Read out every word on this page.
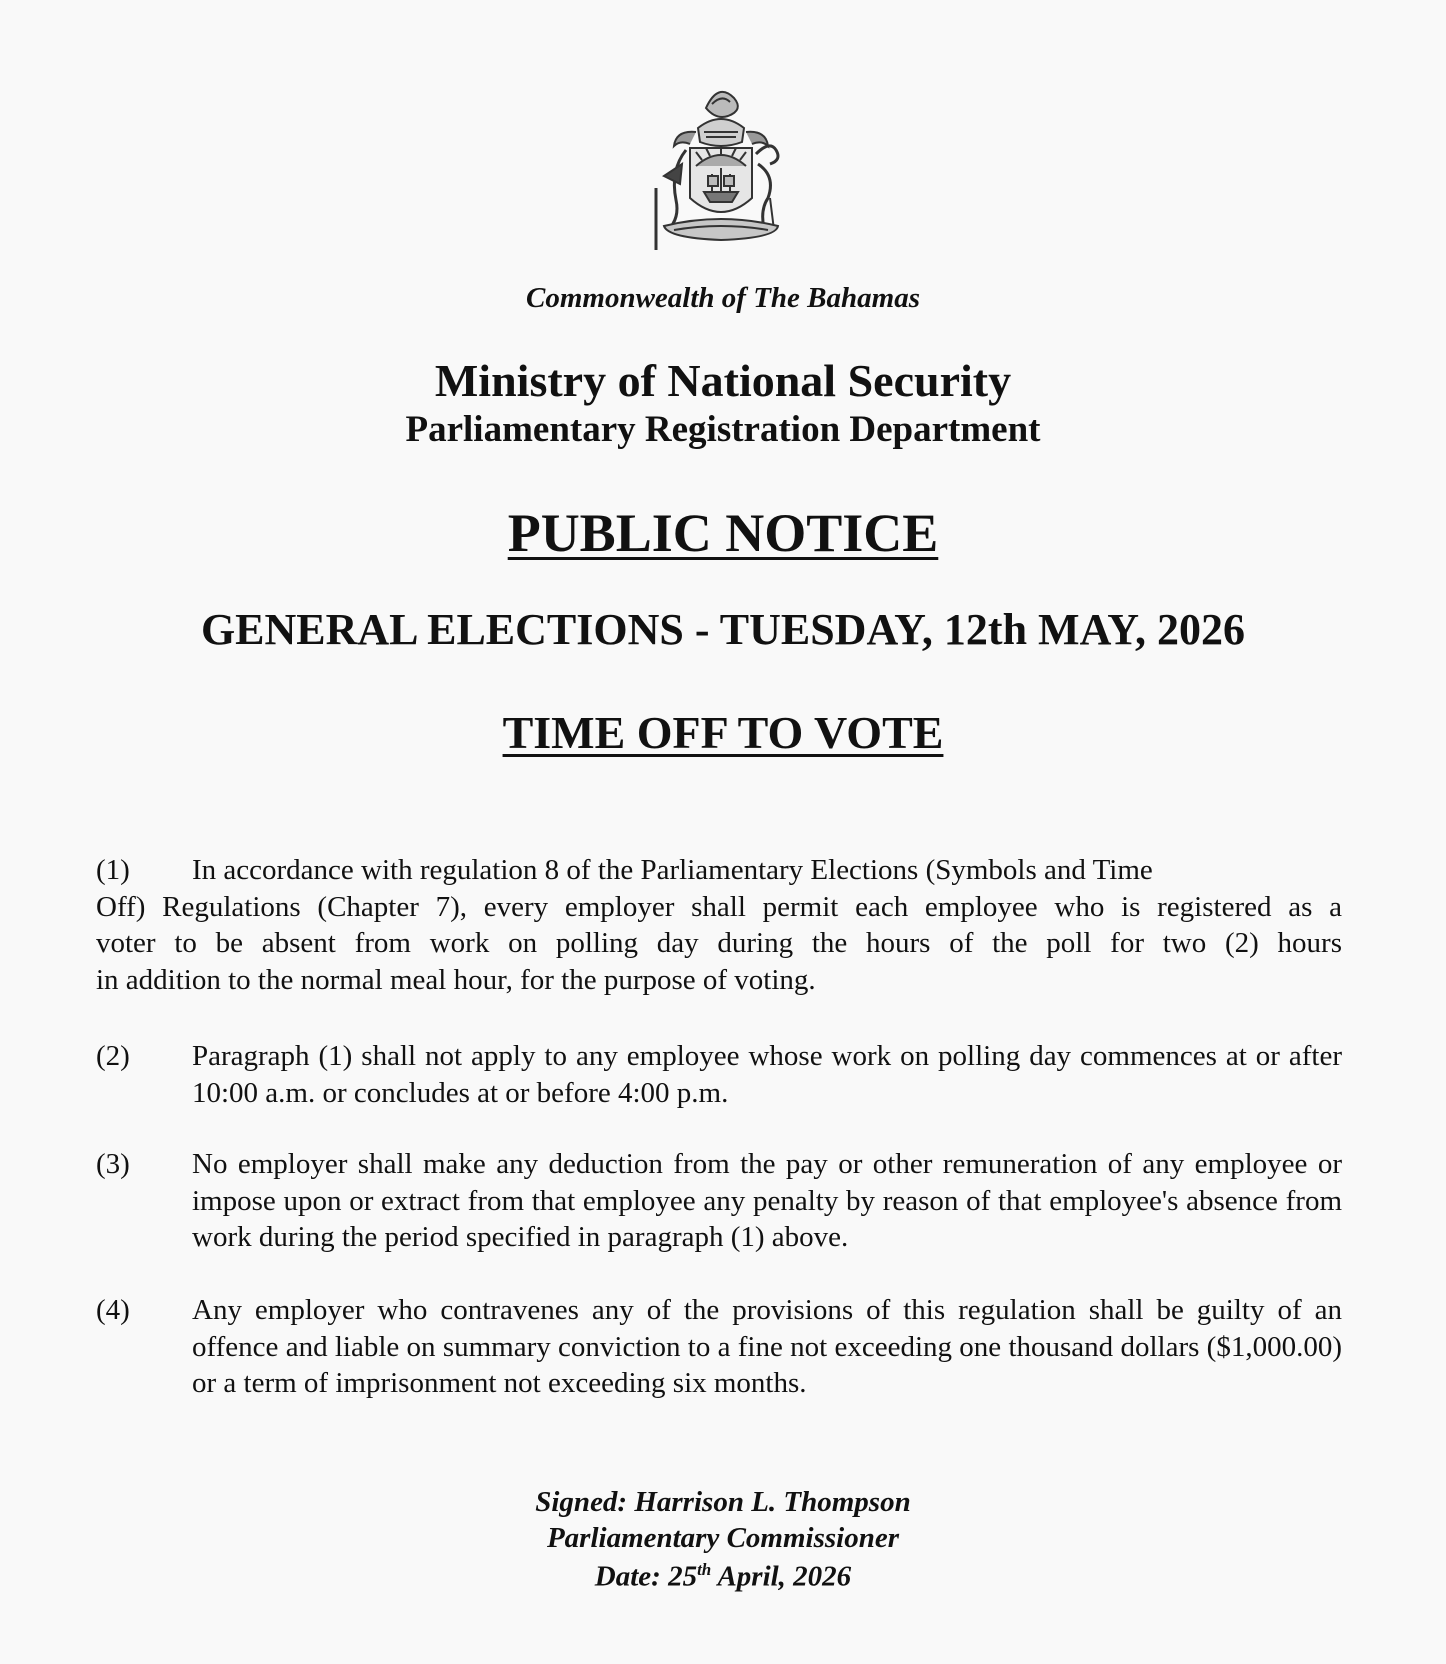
Commonwealth of The Bahamas
Ministry of National Security
Parliamentary Registration Department
PUBLIC NOTICE
GENERAL ELECTIONS - TUESDAY, 12th MAY, 2026
TIME OFF TO VOTE
(1) In accordance with regulation 8 of the Parliamentary Elections (Symbols and Time
Off) Regulations (Chapter 7), every employer shall permit each employee who is registered as a
voter to be absent from work on polling day during the hours of the poll for two (2) hours
in addition to the normal meal hour, for the purpose of voting.
(2) Paragraph (1) shall not apply to any employee whose work on polling day commences at or after 10:00 a.m. or concludes at or before 4:00 p.m.
(3) No employer shall make any deduction from the pay or other remuneration of any employee or impose upon or extract from that employee any penalty by reason of that employee's absence from work during the period specified in paragraph (1) above.
(4) Any employer who contravenes any of the provisions of this regulation shall be guilty of an offence and liable on summary conviction to a fine not exceeding one thousand dollars ($1,000.00) or a term of imprisonment not exceeding six months.
Signed: Harrison L. Thompson
Parliamentary Commissioner
Date: 25th April, 2026
